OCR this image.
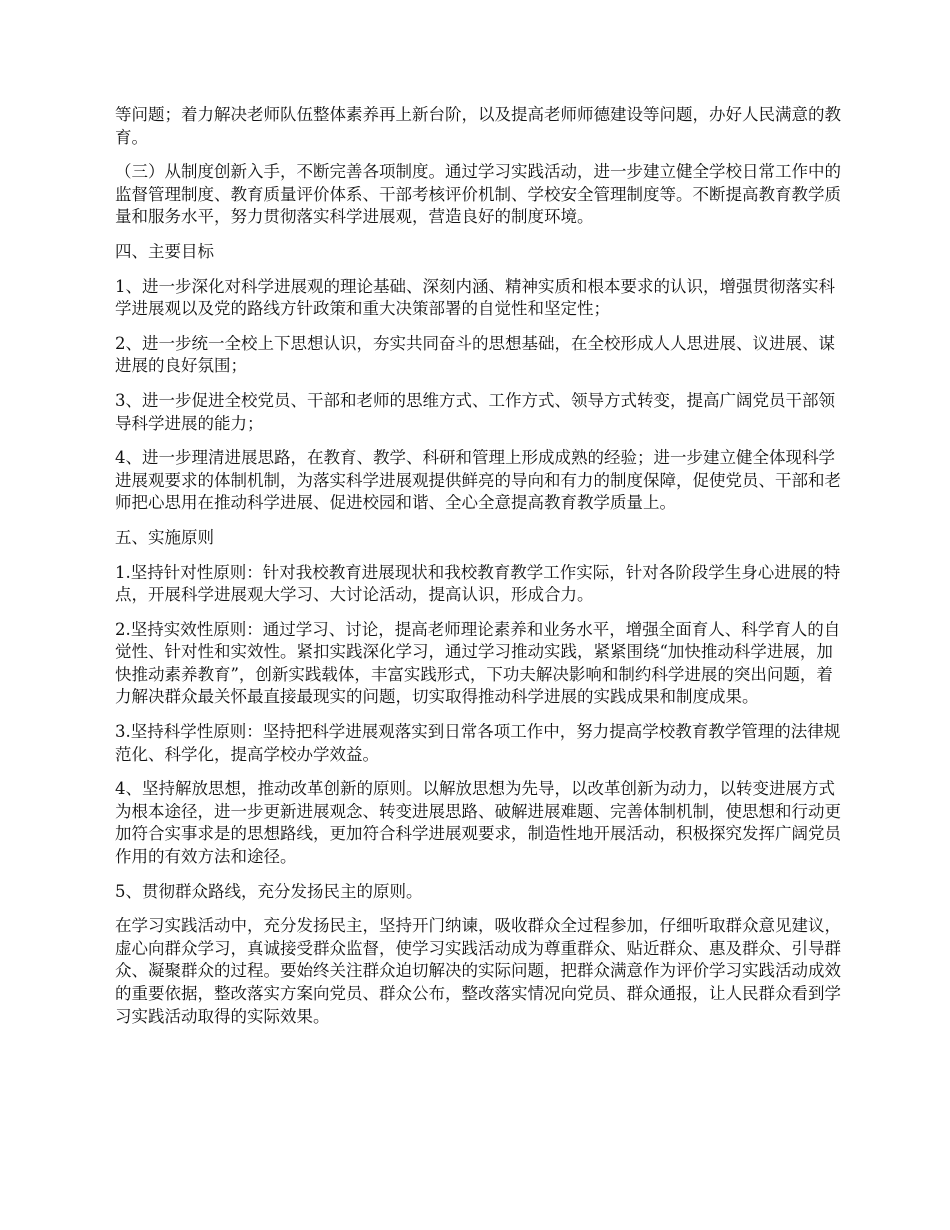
等问题；着力解决老师队伍整体素养再上新台阶，以及提高老师师德建设等问题，办好人民满意的教育。

（三）从制度创新入手，不断完善各项制度。通过学习实践活动，进一步建立健全学校日常工作中的监督管理制度、教育质量评价体系、干部考核评价机制、学校安全管理制度等。不断提高教育教学质量和服务水平，努力贯彻落实科学进展观，营造良好的制度环境。

四、主要目标

1、进一步深化对科学进展观的理论基础、深刻内涵、精神实质和根本要求的认识，增强贯彻落实科学进展观以及党的路线方针政策和重大决策部署的自觉性和坚定性；

2、进一步统一全校上下思想认识，夯实共同奋斗的思想基础，在全校形成人人思进展、议进展、谋进展的良好氛围；

3、进一步促进全校党员、干部和老师的思维方式、工作方式、领导方式转变，提高广阔党员干部领导科学进展的能力；

4、进一步理清进展思路，在教育、教学、科研和管理上形成成熟的经验；进一步建立健全体现科学进展观要求的体制机制，为落实科学进展观提供鲜亮的导向和有力的制度保障，促使党员、干部和老师把心思用在推动科学进展、促进校园和谐、全心全意提高教育教学质量上。

五、实施原则

1.坚持针对性原则：针对我校教育进展现状和我校教育教学工作实际，针对各阶段学生身心进展的特点，开展科学进展观大学习、大讨论活动，提高认识，形成合力。

2.坚持实效性原则：通过学习、讨论，提高老师理论素养和业务水平，增强全面育人、科学育人的自觉性、针对性和实效性。紧扣实践深化学习，通过学习推动实践，紧紧围绕“加快推动科学进展，加快推动素养教育”，创新实践载体，丰富实践形式，下功夫解决影响和制约科学进展的突出问题，着力解决群众最关怀最直接最现实的问题，切实取得推动科学进展的实践成果和制度成果。

3.坚持科学性原则：坚持把科学进展观落实到日常各项工作中，努力提高学校教育教学管理的法律规范化、科学化，提高学校办学效益。

4、坚持解放思想，推动改革创新的原则。以解放思想为先导，以改革创新为动力，以转变进展方式为根本途径，进一步更新进展观念、转变进展思路、破解进展难题、完善体制机制，使思想和行动更加符合实事求是的思想路线，更加符合科学进展观要求，制造性地开展活动，积极探究发挥广阔党员作用的有效方法和途径。

5、贯彻群众路线，充分发扬民主的原则。

在学习实践活动中，充分发扬民主，坚持开门纳谏，吸收群众全过程参加，仔细听取群众意见建议，虚心向群众学习，真诚接受群众监督，使学习实践活动成为尊重群众、贴近群众、惠及群众、引导群众、凝聚群众的过程。要始终关注群众迫切解决的实际问题，把群众满意作为评价学习实践活动成效的重要依据，整改落实方案向党员、群众公布，整改落实情况向党员、群众通报，让人民群众看到学习实践活动取得的实际效果。
